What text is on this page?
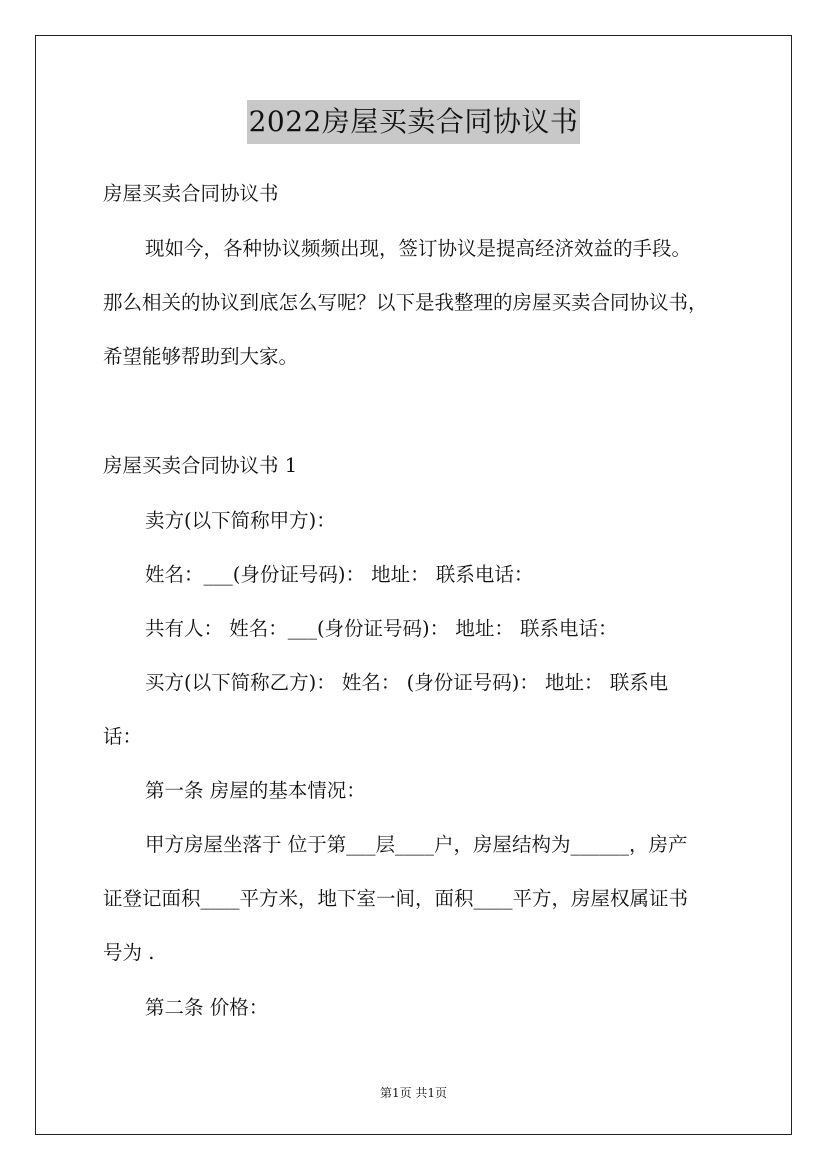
2022房屋买卖合同协议书
房屋买卖合同协议书
现如今，各种协议频频出现，签订协议是提高经济效益的手段。
那么相关的协议到底怎么写呢？以下是我整理的房屋买卖合同协议书，
希望能够帮助到大家。
房屋买卖合同协议书 1
卖方(以下简称甲方)：
姓名：___(身份证号码)： 地址： 联系电话：
共有人： 姓名：___(身份证号码)： 地址： 联系电话：
买方(以下简称乙方)： 姓名： (身份证号码)： 地址： 联系电
话：
第一条 房屋的基本情况：
甲方房屋坐落于 位于第___层____户，房屋结构为______，房产
证登记面积____平方米，地下室一间，面积____平方，房屋权属证书
号为 .
第二条 价格：
第1页 共1页
